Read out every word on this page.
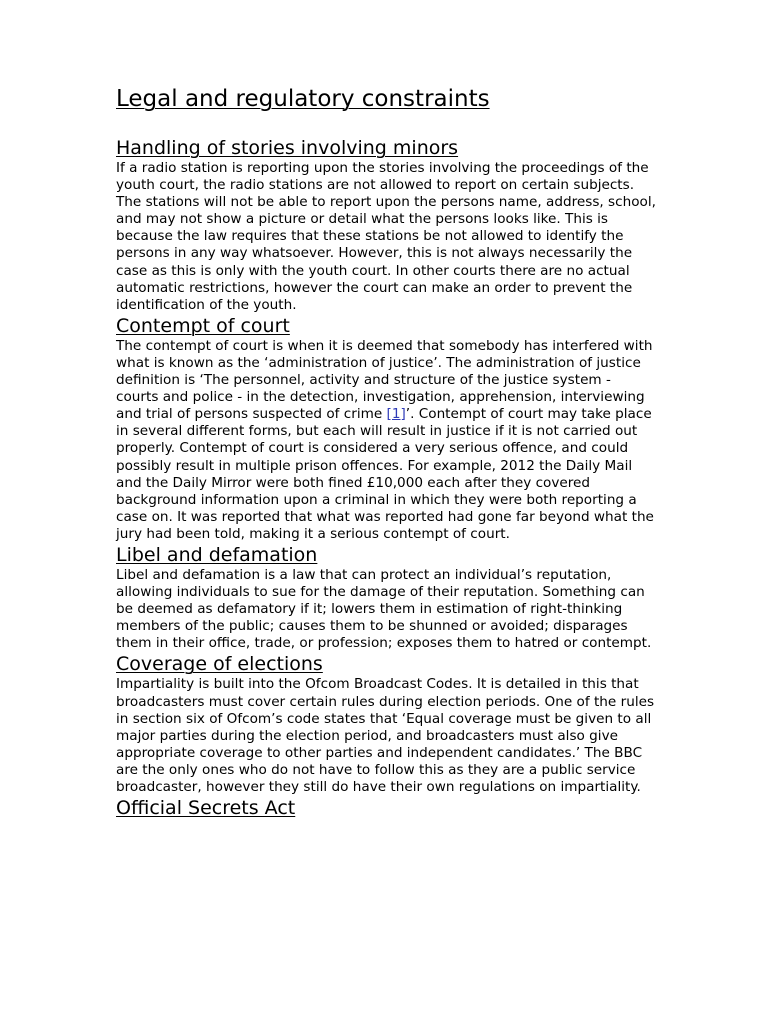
Legal and regulatory constraints
Handling of stories involving minors

If a radio station is reporting upon the stories involving the proceedings of the youth court, the radio stations are not allowed to report on certain subjects. The stations will not be able to report upon the persons name, address, school, and may not show a picture or detail what the persons looks like. This is because the law requires that these stations be not allowed to identify the persons in any way whatsoever. However, this is not always necessarily the case as this is only with the youth court. In other courts there are no actual automatic restrictions, however the court can make an order to prevent the identification of the youth.

Contempt of court

The contempt of court is when it is deemed that somebody has interfered with what is known as the ‘administration of justice’. The administration of justice definition is ‘The personnel, activity and structure of the justice system - courts and police - in the detection, investigation, apprehension, interviewing and trial of persons suspected of crime [1]’. Contempt of court may take place in several different forms, but each will result in justice if it is not carried out properly. Contempt of court is considered a very serious offence, and could possibly result in multiple prison offences. For example, 2012 the Daily Mail and the Daily Mirror were both fined £10,000 each after they covered background information upon a criminal in which they were both reporting a case on. It was reported that what was reported had gone far beyond what the jury had been told, making it a serious contempt of court.

Libel and defamation

Libel and defamation is a law that can protect an individual’s reputation, allowing individuals to sue for the damage of their reputation. Something can be deemed as defamatory if it; lowers them in estimation of right-thinking members of the public; causes them to be shunned or avoided; disparages them in their office, trade, or profession; exposes them to hatred or contempt.

Coverage of elections

Impartiality is built into the Ofcom Broadcast Codes. It is detailed in this that broadcasters must cover certain rules during election periods. One of the rules in section six of Ofcom’s code states that ‘Equal coverage must be given to all major parties during the election period, and broadcasters must also give appropriate coverage to other parties and independent candidates.’ The BBC are the only ones who do not have to follow this as they are a public service broadcaster, however they still do have their own regulations on impartiality.

Official Secrets Act
